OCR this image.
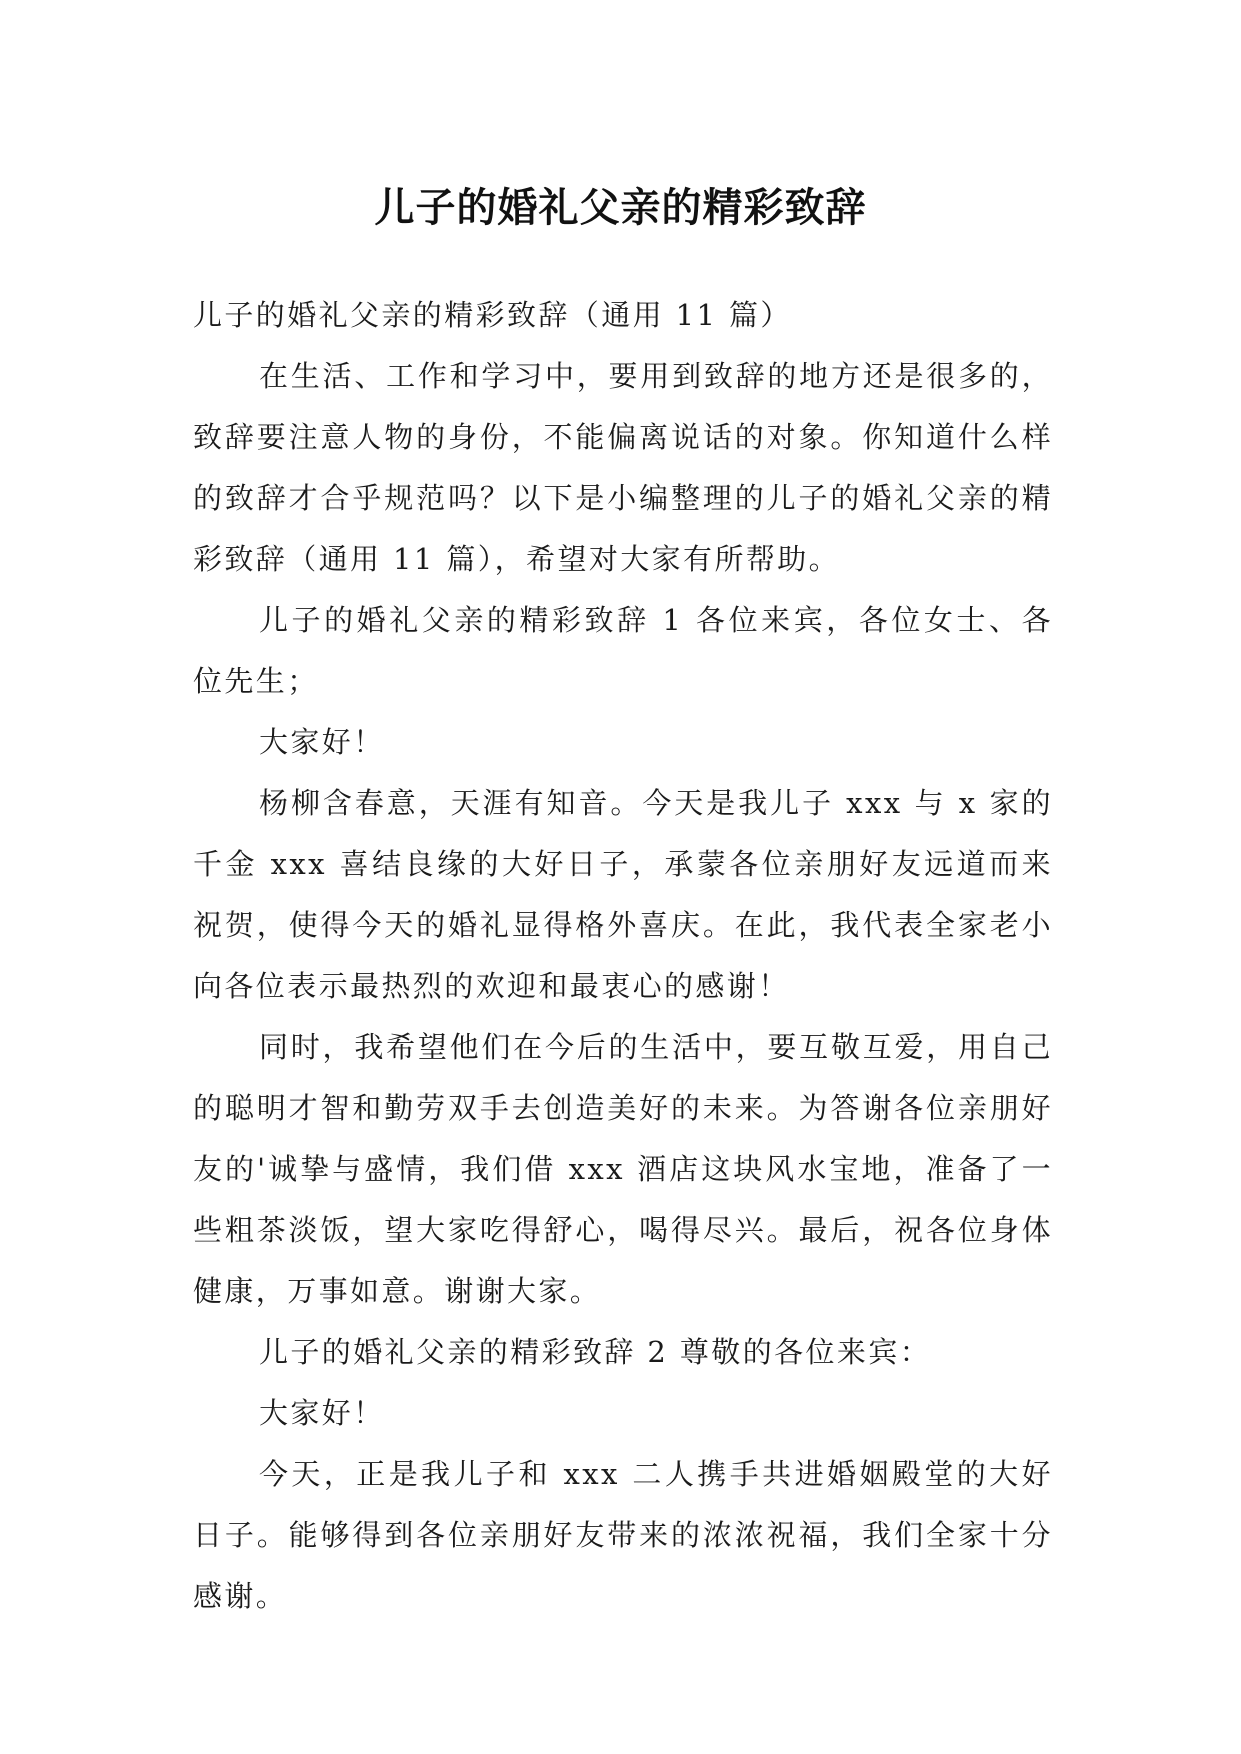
儿子的婚礼父亲的精彩致辞

儿子的婚礼父亲的精彩致辞（通用 11 篇）

在生活、工作和学习中，要用到致辞的地方还是很多的，致辞要注意人物的身份，不能偏离说话的对象。你知道什么样的致辞才合乎规范吗？以下是小编整理的儿子的婚礼父亲的精彩致辞（通用 11 篇），希望对大家有所帮助。

儿子的婚礼父亲的精彩致辞 1 各位来宾，各位女士、各位先生；

大家好！

杨柳含春意，天涯有知音。今天是我儿子 xxx 与 x 家的千金 xxx 喜结良缘的大好日子，承蒙各位亲朋好友远道而来祝贺，使得今天的婚礼显得格外喜庆。在此，我代表全家老小向各位表示最热烈的欢迎和最衷心的感谢！

同时，我希望他们在今后的生活中，要互敬互爱，用自己的聪明才智和勤劳双手去创造美好的未来。为答谢各位亲朋好友的'诚挚与盛情，我们借 xxx 酒店这块风水宝地，准备了一些粗茶淡饭，望大家吃得舒心，喝得尽兴。最后，祝各位身体健康，万事如意。谢谢大家。

儿子的婚礼父亲的精彩致辞 2 尊敬的各位来宾：

大家好！

今天，正是我儿子和 xxx 二人携手共进婚姻殿堂的大好日子。能够得到各位亲朋好友带来的浓浓祝福，我们全家十分感谢。
